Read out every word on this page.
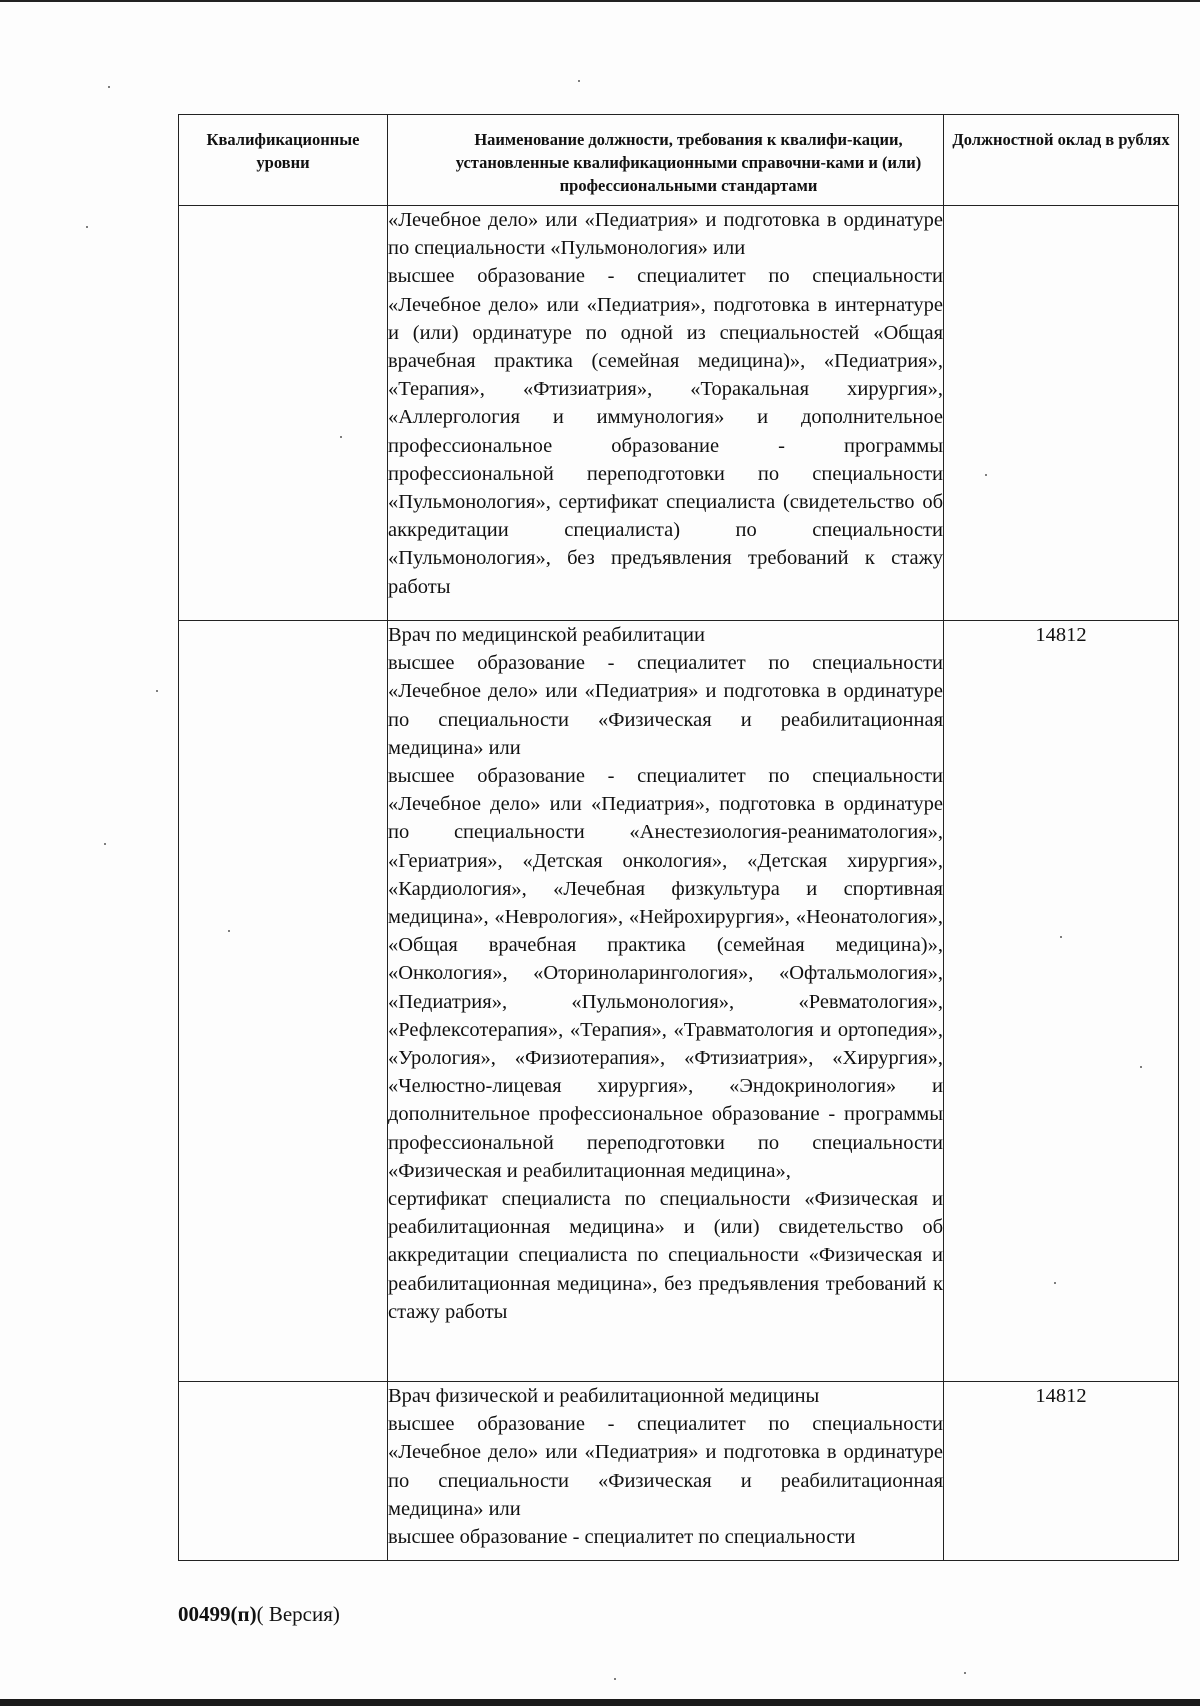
Квалификационные уровни	Наименование должности, требования к квалифи-кации, установленные квалификационными справочни-ками и (или) профессиональными стандартами	Должностной оклад в рублях

	«Лечебное дело» или «Педиатрия» и подготовка в ординатуре по специальности «Пульмонология» или

высшее образование - специалитет по специальности «Лечебное дело» или «Педиатрия», подготовка в интернатуре и (или) ординатуре по одной из специальностей «Общая врачебная практика (семейная медицина)», «Педиатрия», «Терапия», «Фтизиатрия», «Торакальная хирургия», «Аллергология и иммунология» и дополнительное профессиональное образование - программы профессиональной переподготовки по специальности «Пульмонология», сертификат специалиста (свидетельство об аккредитации специалиста) по специальности «Пульмонология», без предъявления требований к стажу работы	

	Врач по медицинской реабилитации

высшее образование - специалитет по специальности «Лечебное дело» или «Педиатрия» и подготовка в ординатуре по специальности «Физическая и реабилитационная медицина» или

высшее образование - специалитет по специальности «Лечебное дело» или «Педиатрия», подготовка в ординатуре по специальности «Анестезиология-реаниматология», «Гериатрия», «Детская онкология», «Детская хирургия», «Кардиология», «Лечебная физкультура и спортивная медицина», «Неврология», «Нейрохирургия», «Неонатология», «Общая врачебная практика (семейная медицина)», «Онкология», «Оториноларингология», «Офтальмология», «Педиатрия», «Пульмонология», «Ревматология», «Рефлексотерапия», «Терапия», «Травматология и ортопедия», «Урология», «Физиотерапия», «Фтизиатрия», «Хирургия», «Челюстно-лицевая хирургия», «Эндокринология» и дополнительное профессиональное образование - программы профессиональной переподготовки по специальности «Физическая и реабилитационная медицина»,

сертификат специалиста по специальности «Физическая и реабилитационная медицина» и (или) свидетельство об аккредитации специалиста по специальности «Физическая и реабилитационная медицина», без предъявления требований к стажу работы	14812

	Врач физической и реабилитационной медицины

высшее образование - специалитет по специальности «Лечебное дело» или «Педиатрия» и подготовка в ординатуре по специальности «Физическая и реабилитационная медицина» или

высшее образование - специалитет по специальности	14812
00499(п)( Версия)
